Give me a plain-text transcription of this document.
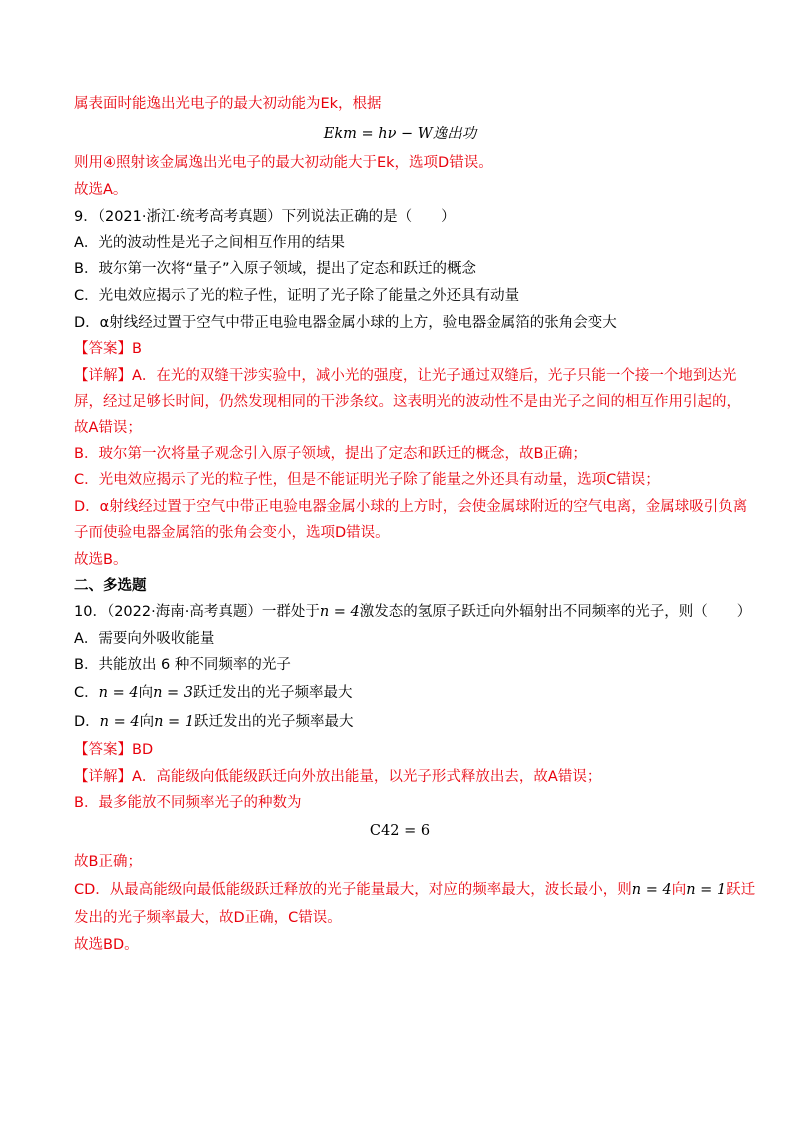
属表面时能逸出光电子的最大初动能为Ek，根据
Ekm = hν − W逸出功
则用④照射该金属逸出光电子的最大初动能大于Ek，选项D错误。
故选A。
9．（2021·浙江·统考高考真题）下列说法正确的是（　　）
A．光的波动性是光子之间相互作用的结果
B．玻尔第一次将“量子”入原子领域，提出了定态和跃迁的概念
C．光电效应揭示了光的粒子性，证明了光子除了能量之外还具有动量
D．α射线经过置于空气中带正电验电器金属小球的上方，验电器金属箔的张角会变大
【答案】B
【详解】A．在光的双缝干涉实验中，减小光的强度，让光子通过双缝后，光子只能一个接一个地到达光
屏，经过足够长时间，仍然发现相同的干涉条纹。这表明光的波动性不是由光子之间的相互作用引起的，
故A错误；
B．玻尔第一次将量子观念引入原子领域，提出了定态和跃迁的概念，故B正确；
C．光电效应揭示了光的粒子性，但是不能证明光子除了能量之外还具有动量，选项C错误；
D．α射线经过置于空气中带正电验电器金属小球的上方时，会使金属球附近的空气电离，金属球吸引负离
子而使验电器金属箔的张角会变小，选项D错误。
故选B。
二、多选题
10．（2022·海南·高考真题）一群处于n = 4激发态的氢原子跃迁向外辐射出不同频率的光子，则（　　）
A．需要向外吸收能量
B．共能放出 6 种不同频率的光子
C．n = 4向n = 3跃迁发出的光子频率最大
D．n = 4向n = 1跃迁发出的光子频率最大
【答案】BD
【详解】A．高能级向低能级跃迁向外放出能量，以光子形式释放出去，故A错误；
B．最多能放不同频率光子的种数为
C42 = 6
故B正确；
CD．从最高能级向最低能级跃迁释放的光子能量最大，对应的频率最大，波长最小，则n = 4向n = 1跃迁
发出的光子频率最大，故D正确，C错误。
故选BD。
